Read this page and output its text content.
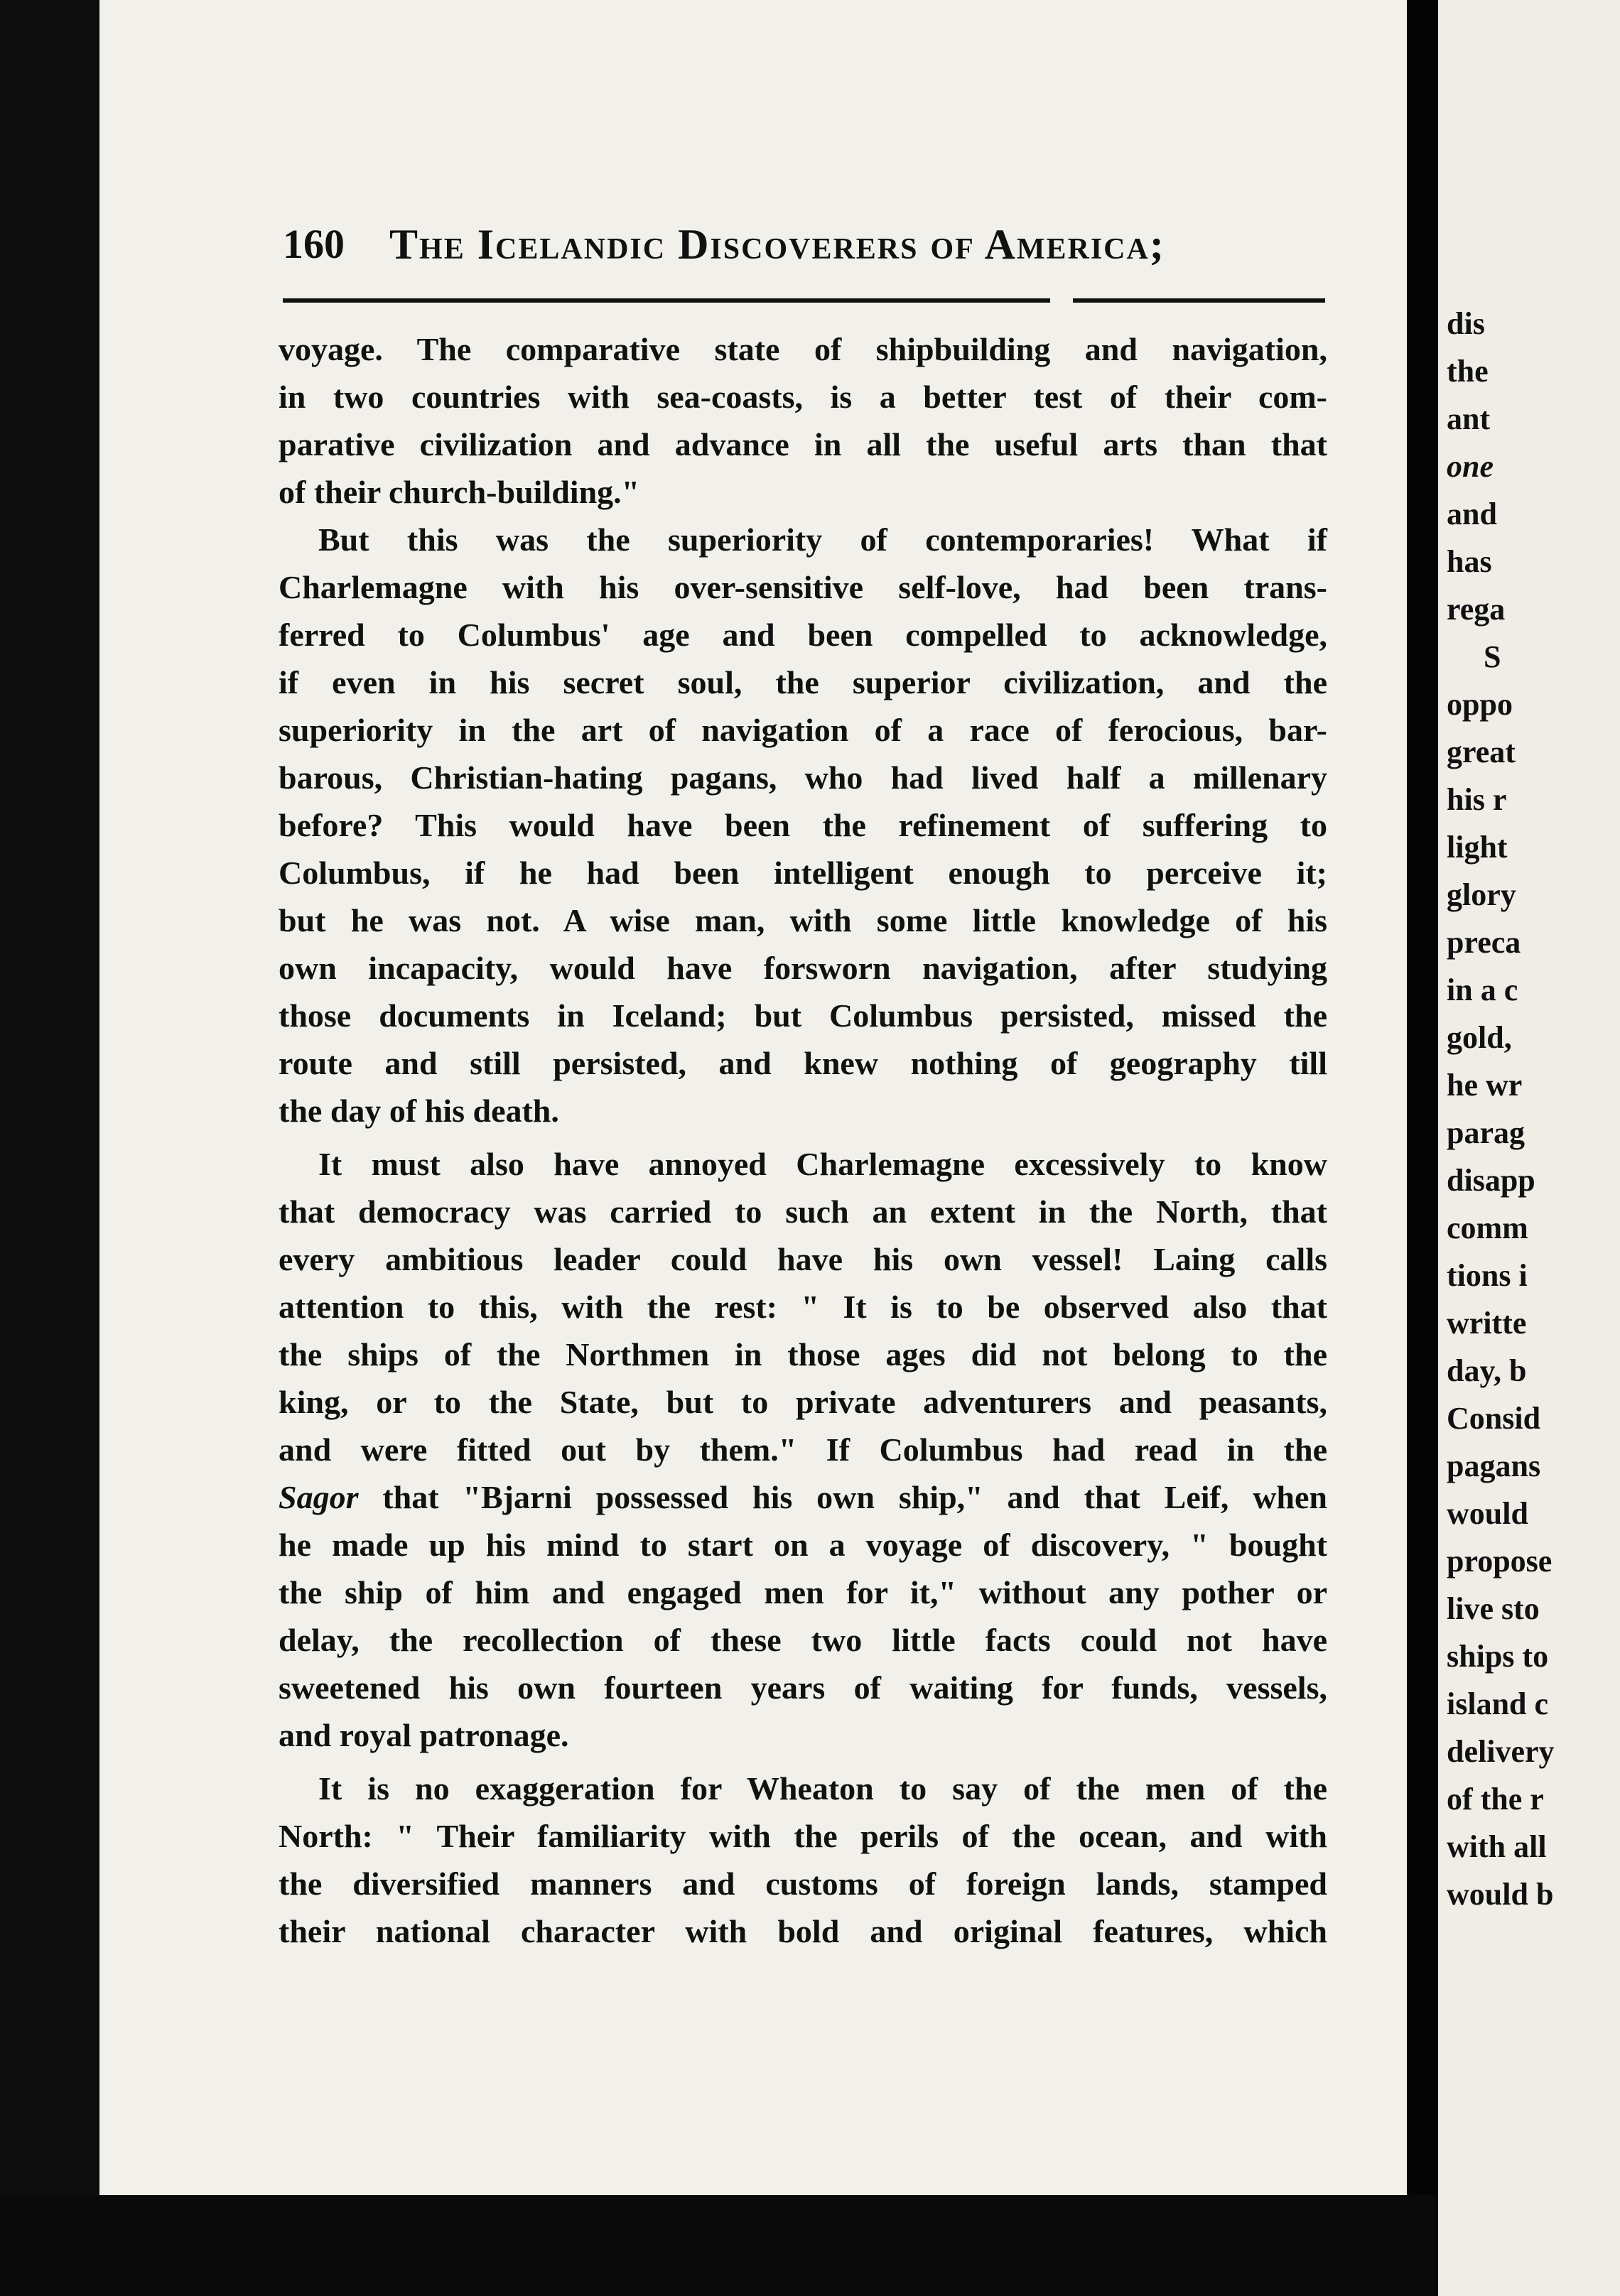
160 The Icelandic Discoverers of America;
voyage. The comparative state of shipbuilding and navigation,
in two countries with sea-coasts, is a better test of their com-
parative civilization and advance in all the useful arts than that
of their church-building."
But this was the superiority of contemporaries! What if
Charlemagne with his over-sensitive self-love, had been trans-
ferred to Columbus' age and been compelled to acknowledge,
if even in his secret soul, the superior civilization, and the
superiority in the art of navigation of a race of ferocious, bar-
barous, Christian-hating pagans, who had lived half a millenary
before? This would have been the refinement of suffering to
Columbus, if he had been intelligent enough to perceive it;
but he was not. A wise man, with some little knowledge of his
own incapacity, would have forsworn navigation, after studying
those documents in Iceland; but Columbus persisted, missed the
route and still persisted, and knew nothing of geography till
the day of his death.
It must also have annoyed Charlemagne excessively to know
that democracy was carried to such an extent in the North, that
every ambitious leader could have his own vessel! Laing calls
attention to this, with the rest: " It is to be observed also that
the ships of the Northmen in those ages did not belong to the
king, or to the State, but to private adventurers and peasants,
and were fitted out by them." If Columbus had read in the
Sagor that "Bjarni possessed his own ship," and that Leif, when
he made up his mind to start on a voyage of discovery, " bought
the ship of him and engaged men for it," without any pother or
delay, the recollection of these two little facts could not have
sweetened his own fourteen years of waiting for funds, vessels,
and royal patronage.
It is no exaggeration for Wheaton to say of the men of the
North: " Their familiarity with the perils of the ocean, and with
the diversified manners and customs of foreign lands, stamped
their national character with bold and original features, which
dis
the
ant
one
and
has
rega
S
oppo
great
his r
light
glory
preca
in a c
gold,
he wr
parag
disapp
comm
tions i
writte
day, b
Consid
pagans
would
propose
live sto
ships to
island c
delivery
of the r
with all
would b
